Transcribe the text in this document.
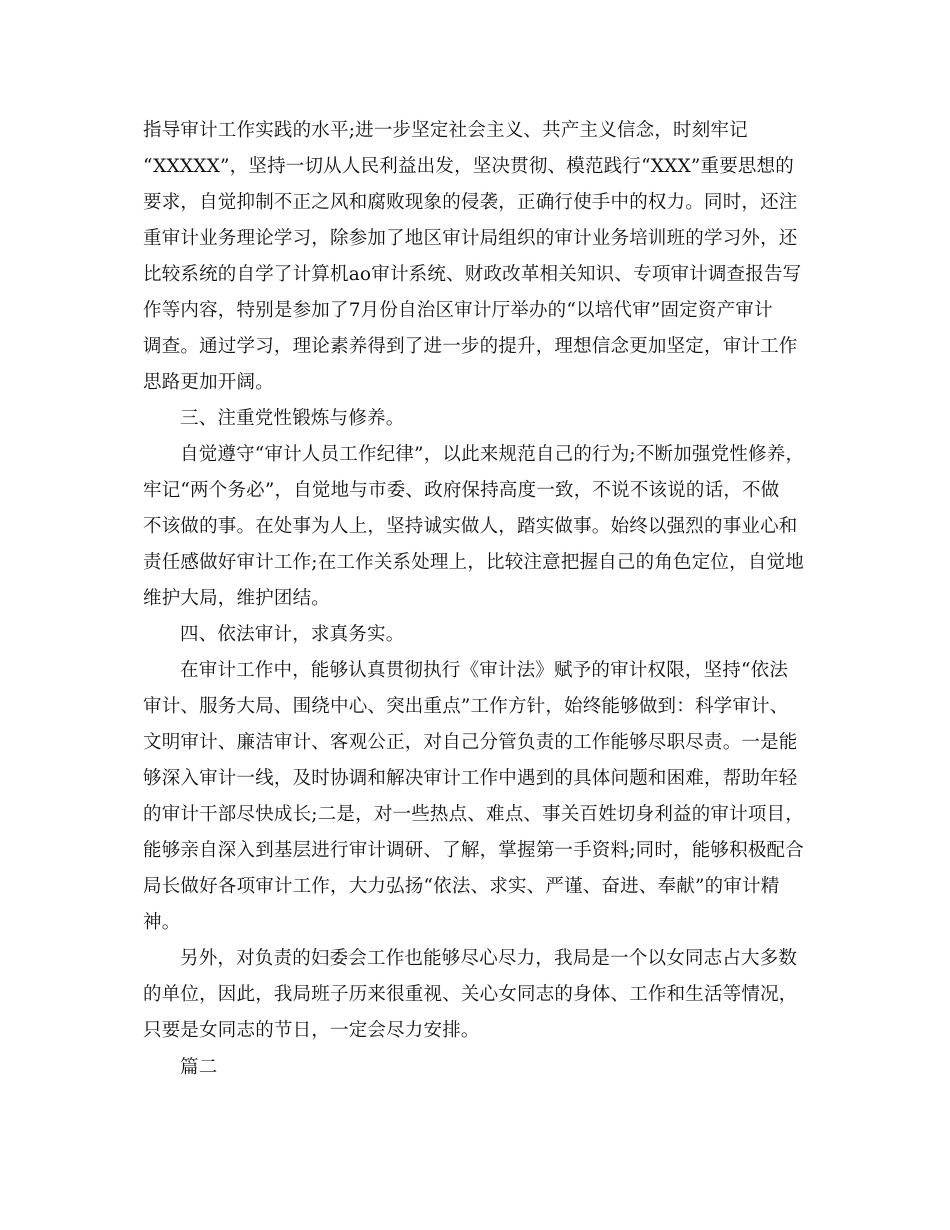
指导审计工作实践的水平;进一步坚定社会主义、共产主义信念，时刻牢记
“XXXXX”，坚持一切从人民利益出发，坚决贯彻、模范践行“XXX”重要思想的
要求，自觉抑制不正之风和腐败现象的侵袭，正确行使手中的权力。同时，还注
重审计业务理论学习，除参加了地区审计局组织的审计业务培训班的学习外，还
比较系统的自学了计算机ao审计系统、财政改革相关知识、专项审计调查报告写
作等内容，特别是参加了7月份自治区审计厅举办的“以培代审”固定资产审计
调查。通过学习，理论素养得到了进一步的提升，理想信念更加坚定，审计工作
思路更加开阔。
三、注重党性锻炼与修养。
自觉遵守“审计人员工作纪律”，以此来规范自己的行为;不断加强党性修养，
牢记“两个务必”，自觉地与市委、政府保持高度一致，不说不该说的话，不做
不该做的事。在处事为人上，坚持诚实做人，踏实做事。始终以强烈的事业心和
责任感做好审计工作;在工作关系处理上，比较注意把握自己的角色定位，自觉地
维护大局，维护团结。
四、依法审计，求真务实。
在审计工作中，能够认真贯彻执行《审计法》赋予的审计权限，坚持“依法
审计、服务大局、围绕中心、突出重点”工作方针，始终能够做到：科学审计、
文明审计、廉洁审计、客观公正，对自己分管负责的工作能够尽职尽责。一是能
够深入审计一线，及时协调和解决审计工作中遇到的具体问题和困难，帮助年轻
的审计干部尽快成长;二是，对一些热点、难点、事关百姓切身利益的审计项目，
能够亲自深入到基层进行审计调研、了解，掌握第一手资料;同时，能够积极配合
局长做好各项审计工作，大力弘扬“依法、求实、严谨、奋进、奉献”的审计精
神。
另外，对负责的妇委会工作也能够尽心尽力，我局是一个以女同志占大多数
的单位，因此，我局班子历来很重视、关心女同志的身体、工作和生活等情况，
只要是女同志的节日，一定会尽力安排。
篇二
